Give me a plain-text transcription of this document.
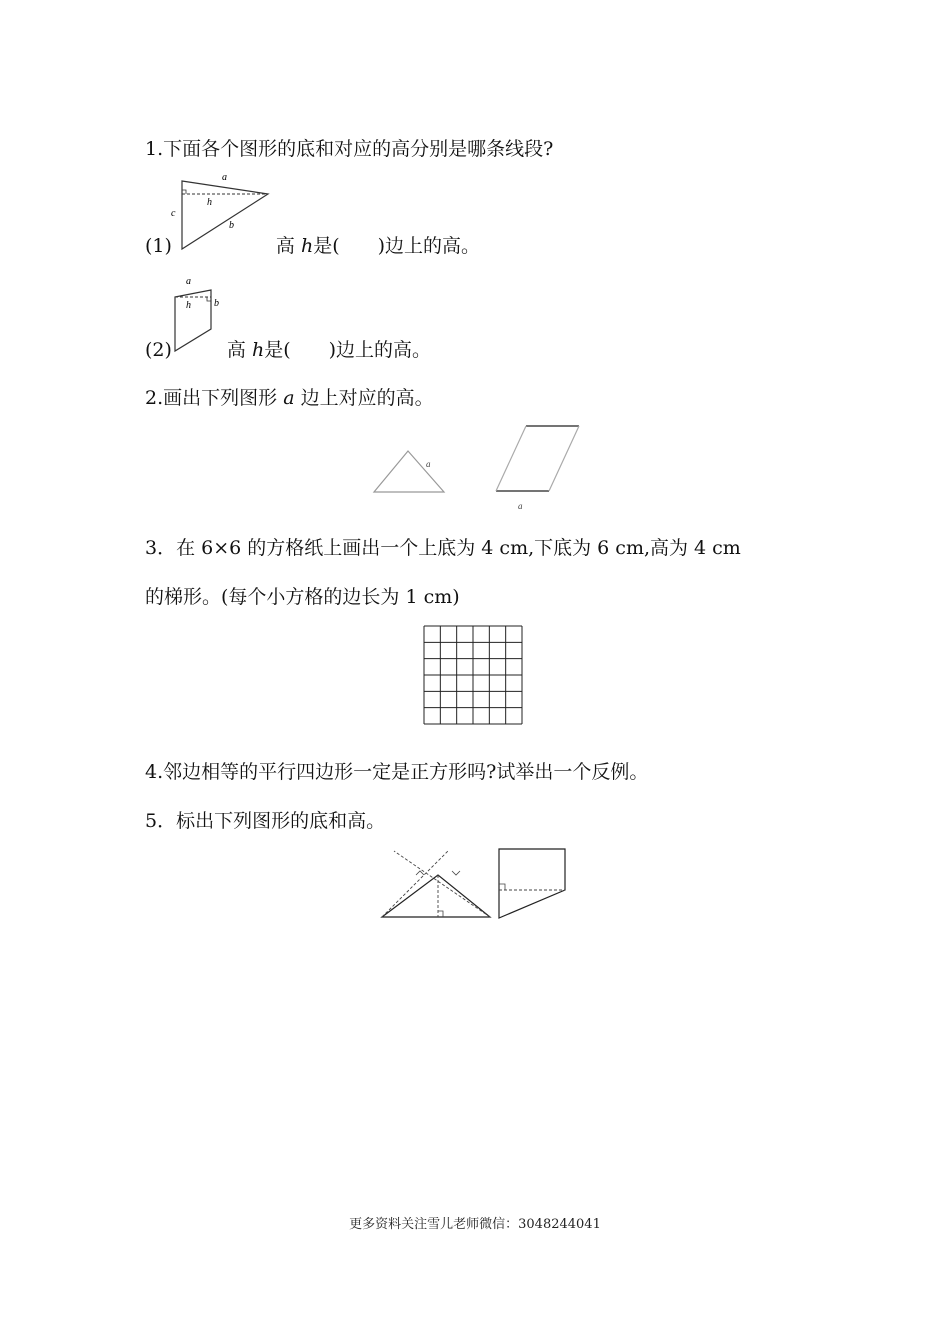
1.下面各个图形的底和对应的高分别是哪条线段?
a
h
c
b
(1)	高 h是(　　)边上的高。
a
h b
(2)	高 h是(　　)边上的高。
2.画出下列图形 a 边上对应的高。
a
a
3．在 6×6 的方格纸上画出一个上底为 4 cm,下底为 6 cm,高为 4 cm
的梯形。(每个小方格的边长为 1 cm)
4.邻边相等的平行四边形一定是正方形吗?试举出一个反例。
5．标出下列图形的底和高。
更多资料关注雪儿老师微信：3048244041
